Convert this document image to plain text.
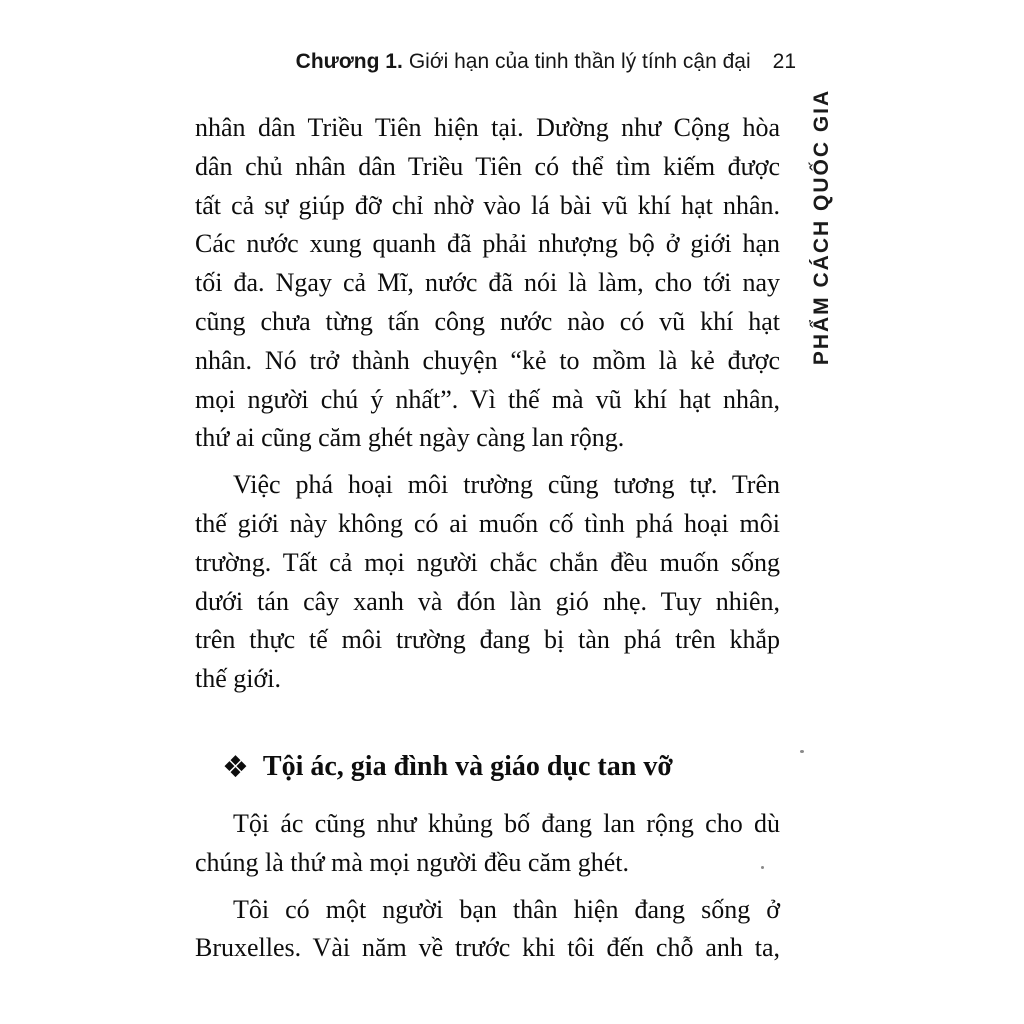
Chương 1. Giới hạn của tinh thần lý tính cận đại 21
PHẨM CÁCH QUỐC GIA
nhân dân Triều Tiên hiện tại. Dường như Cộng hòa
dân chủ nhân dân Triều Tiên có thể tìm kiếm được
tất cả sự giúp đỡ chỉ nhờ vào lá bài vũ khí hạt nhân.
Các nước xung quanh đã phải nhượng bộ ở giới hạn
tối đa. Ngay cả Mĩ, nước đã nói là làm, cho tới nay
cũng chưa từng tấn công nước nào có vũ khí hạt
nhân. Nó trở thành chuyện “kẻ to mồm là kẻ được
mọi người chú ý nhất”. Vì thế mà vũ khí hạt nhân,
thứ ai cũng căm ghét ngày càng lan rộng.
Việc phá hoại môi trường cũng tương tự. Trên
thế giới này không có ai muốn cố tình phá hoại môi
trường. Tất cả mọi người chắc chắn đều muốn sống
dưới tán cây xanh và đón làn gió nhẹ. Tuy nhiên,
trên thực tế môi trường đang bị tàn phá trên khắp
thế giới.
❖ Tội ác, gia đình và giáo dục tan vỡ
Tội ác cũng như khủng bố đang lan rộng cho dù
chúng là thứ mà mọi người đều căm ghét.
Tôi có một người bạn thân hiện đang sống ở
Bruxelles. Vài năm về trước khi tôi đến chỗ anh ta,
